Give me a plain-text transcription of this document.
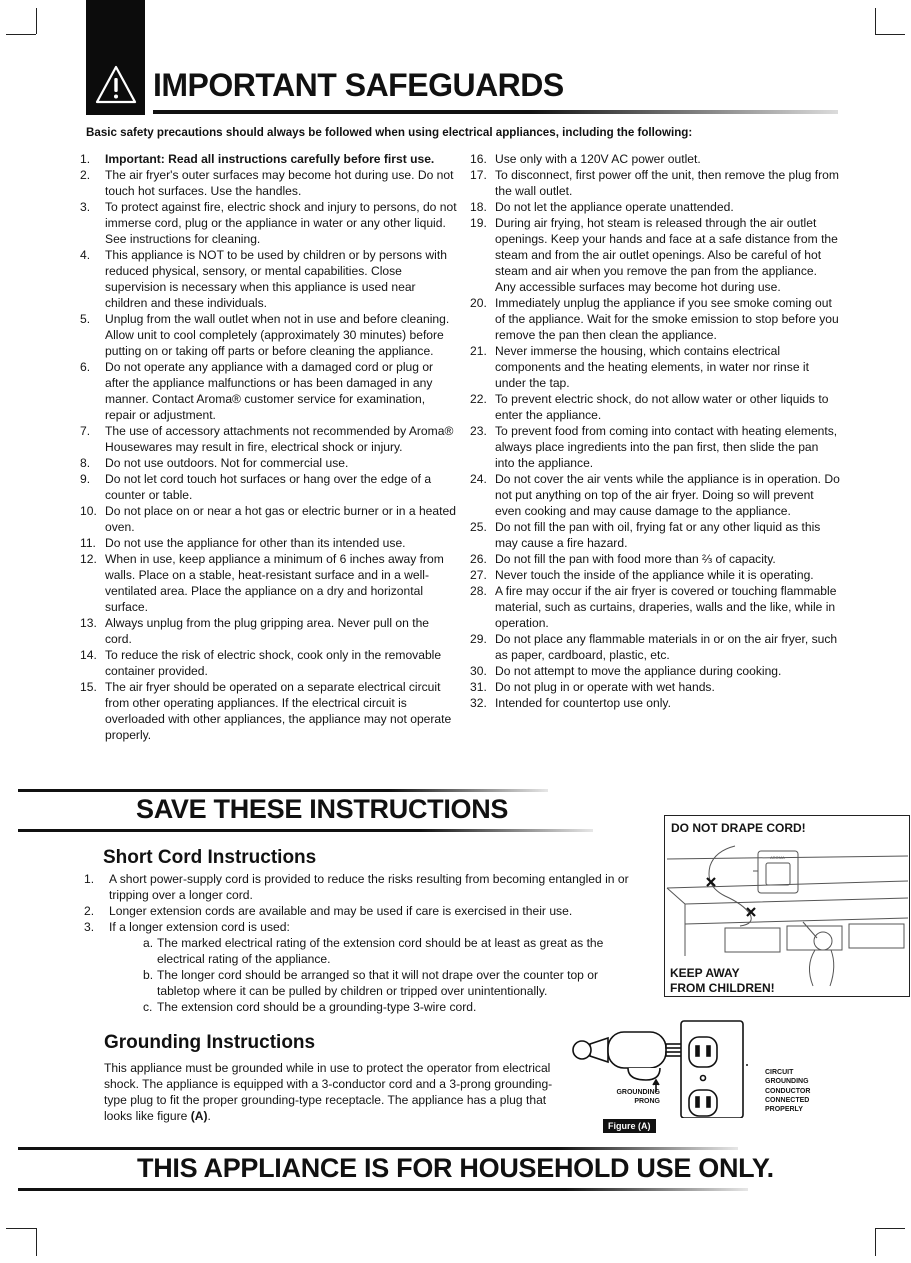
IMPORTANT SAFEGUARDS
Basic safety precautions should always be followed when using electrical appliances, including the following:
1. Important: Read all instructions carefully before first use.
2. The air fryer's outer surfaces may become hot during use. Do not touch hot surfaces. Use the handles.
3. To protect against fire, electric shock and injury to persons, do not immerse cord, plug or the appliance in water or any other liquid. See instructions for cleaning.
4. This appliance is NOT to be used by children or by persons with reduced physical, sensory, or mental capabilities. Close supervision is necessary when this appliance is used near children and these individuals.
5. Unplug from the wall outlet when not in use and before cleaning. Allow unit to cool completely (approximately 30 minutes) before putting on or taking off parts or before cleaning the appliance.
6. Do not operate any appliance with a damaged cord or plug or after the appliance malfunctions or has been damaged in any manner. Contact Aroma® customer service for examination, repair or adjustment.
7. The use of accessory attachments not recommended by Aroma® Housewares may result in fire, electrical shock or injury.
8. Do not use outdoors. Not for commercial use.
9. Do not let cord touch hot surfaces or hang over the edge of a counter or table.
10. Do not place on or near a hot gas or electric burner or in a heated oven.
11. Do not use the appliance for other than its intended use.
12. When in use, keep appliance a minimum of 6 inches away from walls. Place on a stable, heat-resistant surface and in a well-ventilated area. Place the appliance on a dry and horizontal surface.
13. Always unplug from the plug gripping area. Never pull on the cord.
14. To reduce the risk of electric shock, cook only in the removable container provided.
15. The air fryer should be operated on a separate electrical circuit from other operating appliances. If the electrical circuit is overloaded with other appliances, the appliance may not operate properly.
16. Use only with a 120V AC power outlet.
17. To disconnect, first power off the unit, then remove the plug from the wall outlet.
18. Do not let the appliance operate unattended.
19. During air frying, hot steam is released through the air outlet openings. Keep your hands and face at a safe distance from the steam and from the air outlet openings. Also be careful of hot steam and air when you remove the pan from the appliance. Any accessible surfaces may become hot during use.
20. Immediately unplug the appliance if you see smoke coming out of the appliance. Wait for the smoke emission to stop before you remove the pan then clean the appliance.
21. Never immerse the housing, which contains electrical components and the heating elements, in water nor rinse it under the tap.
22. To prevent electric shock, do not allow water or other liquids to enter the appliance.
23. To prevent food from coming into contact with heating elements, always place ingredients into the pan first, then slide the pan into the appliance.
24. Do not cover the air vents while the appliance is in operation. Do not put anything on top of the air fryer. Doing so will prevent even cooking and may cause damage to the appliance.
25. Do not fill the pan with oil, frying fat or any other liquid as this may cause a fire hazard.
26. Do not fill the pan with food more than ⅔ of capacity.
27. Never touch the inside of the appliance while it is operating.
28. A fire may occur if the air fryer is covered or touching flammable material, such as curtains, draperies, walls and the like, while in operation.
29. Do not place any flammable materials in or on the air fryer, such as paper, cardboard, plastic, etc.
30. Do not attempt to move the appliance during cooking.
31. Do not plug in or operate with wet hands.
32. Intended for countertop use only.
SAVE THESE INSTRUCTIONS
Short Cord Instructions
1. A short power-supply cord is provided to reduce the risks resulting from becoming entangled in or tripping over a longer cord.
2. Longer extension cords are available and may be used if care is exercised in their use.
3. If a longer extension cord is used:
a. The marked electrical rating of the extension cord should be at least as great as the electrical rating of the appliance.
b. The longer cord should be arranged so that it will not drape over the counter top or tabletop where it can be pulled by children or tripped over unintentionally.
c. The extension cord should be a grounding-type 3-wire cord.
DO NOT DRAPE CORD!
AROMA
KEEP AWAY
FROM CHILDREN!
Grounding Instructions
This appliance must be grounded while in use to protect the operator from electrical shock. The appliance is equipped with a 3-conductor cord and a 3-prong grounding-type plug to fit the proper grounding-type receptacle. The appliance has a plug that looks like figure (A).
GROUNDING
PRONG
Figure (A)
CIRCUIT
GROUNDING
CONDUCTOR
CONNECTED
PROPERLY
THIS APPLIANCE IS FOR HOUSEHOLD USE ONLY.
